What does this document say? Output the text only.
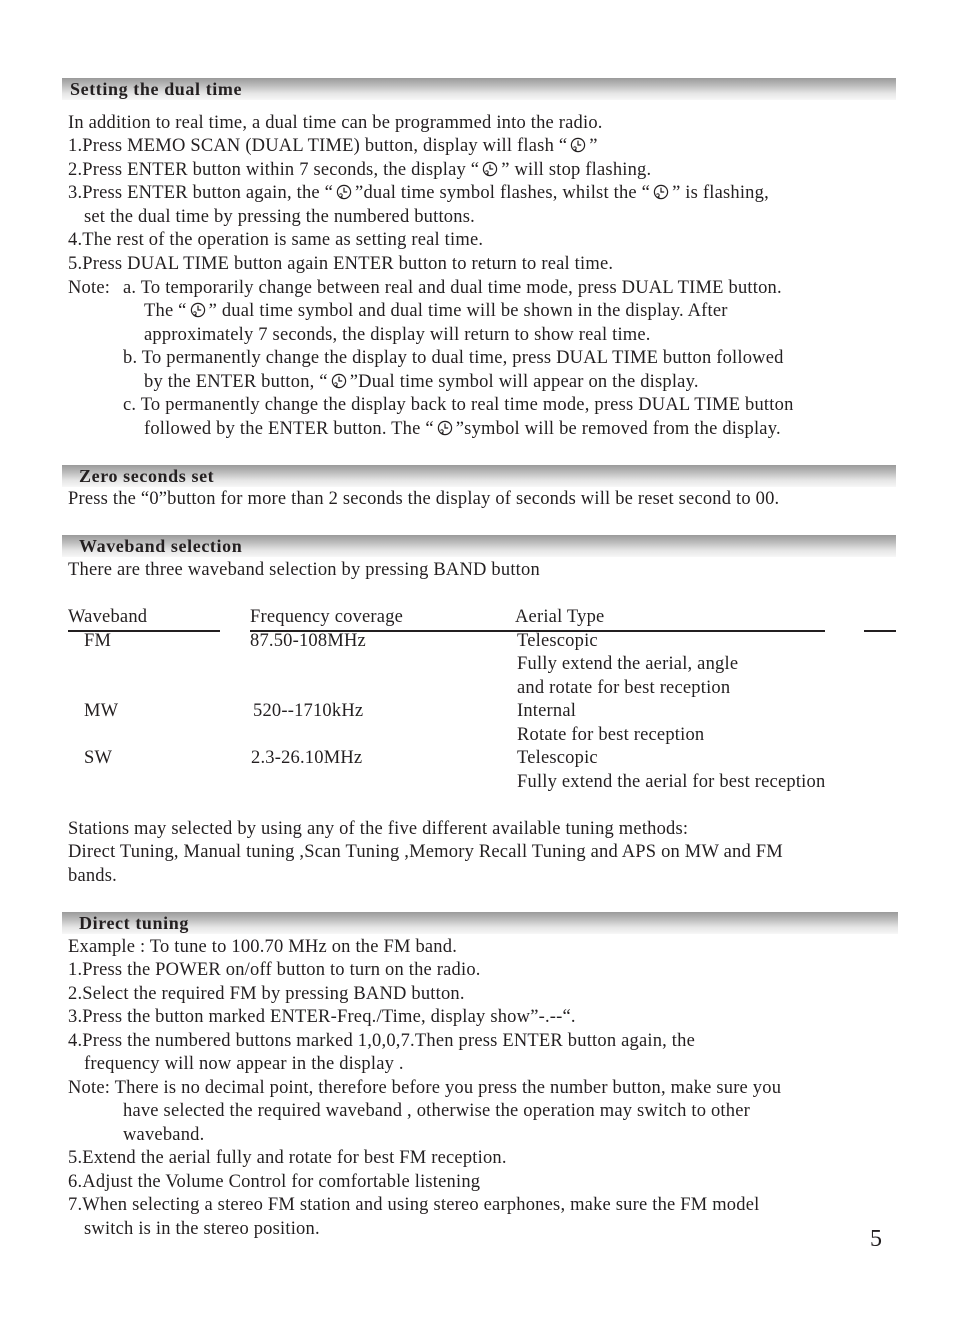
Setting the dual time
In addition to real time, a dual time can be programmed into the radio.
1.Press MEMO SCAN (DUAL TIME) button, display will flash “ ”
2.Press ENTER button within 7 seconds, the display “ ” will stop flashing.
3.Press ENTER button again, the “ ”dual time symbol flashes, whilst the “ ” is flashing,
set the dual time by pressing the numbered buttons.
4.The rest of the operation is same as setting real time.
5.Press DUAL TIME button again ENTER button to return to real time.
Note: a. To temporarily change between real and dual time mode, press DUAL TIME button.
The “ ” dual time symbol and dual time will be shown in the display. After
approximately 7 seconds, the display will return to show real time.
b. To permanently change the display to dual time, press DUAL TIME button followed
by the ENTER button, “ ”Dual time symbol will appear on the display.
c. To permanently change the display back to real time mode, press DUAL TIME button
followed by the ENTER button. The “ ”symbol will be removed from the display.
Zero seconds set
Press the “0”button for more than 2 seconds the display of seconds will be reset second to 00.
Waveband selection
There are three waveband selection by pressing BAND button
Waveband	Frequency coverage	Aerial Type
FM	87.50-108MHz	Telescopic
Fully extend the aerial, angle
and rotate for best reception
MW	520--1710kHz	Internal
Rotate for best reception
SW	2.3-26.10MHz	Telescopic
Fully extend the aerial for best reception
Stations may selected by using any of the five different available tuning methods:
Direct Tuning, Manual tuning ,Scan Tuning ,Memory Recall Tuning and APS on MW and FM
bands.
Direct tuning
Example : To tune to 100.70 MHz on the FM band.
1.Press the POWER on/off button to turn on the radio.
2.Select the required FM by pressing BAND button.
3.Press the button marked ENTER-Freq./Time, display show”-.--“.
4.Press the numbered buttons marked 1,0,0,7.Then press ENTER button again, the
frequency will now appear in the display .
Note: There is no decimal point, therefore before you press the number button, make sure you
have selected the required waveband , otherwise the operation may switch to other
waveband.
5.Extend the aerial fully and rotate for best FM reception.
6.Adjust the Volume Control for comfortable listening
7.When selecting a stereo FM station and using stereo earphones, make sure the FM model
switch is in the stereo position.	5
